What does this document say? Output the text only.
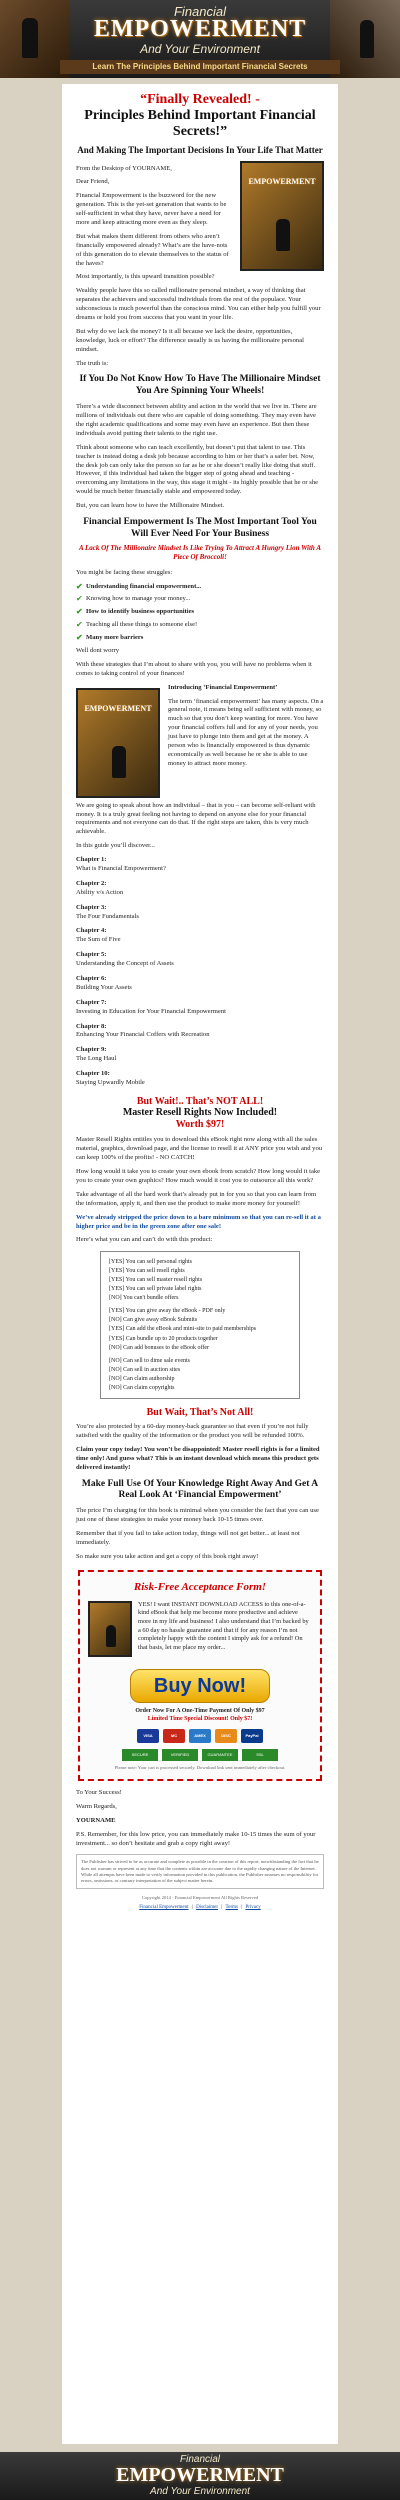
Financial
EMPOWERMENT
And Your Environment
Learn The Principles Behind Important Financial Secrets
“Finally Revealed! -
Principles Behind Important Financial Secrets!”
And Making The Important Decisions In Your Life That Matter
EMPOWERMENT

From the Desktop of YOURNAME,

Dear Friend,

Financial Empowerment is the buzzword for the new generation. This is the yet-set generation that wants to be self-sufficient in what they have, never have a need for more and keep attracting more even as they sleep.

But what makes them different from others who aren’t financially empowered already? What’s are the have-nots of this generation do to elevate themselves to the status of the haves?

Most importantly, is this upward transition possible?

Wealthy people have this so called millionaire personal mindset, a way of thinking that separates the achievers and successful individuals from the rest of the populace. Your subconscious is much powerful than the conscious mind. You can either help you fulfill your dreams or hold you from success that you want in your life.

But why do we lack the money? Is it all because we lack the desire, opportunities, knowledge, luck or effort? The difference usually is us having the millionaire personal mindset.

The truth is:

If You Do Not Know How To Have The Millionaire Mindset You Are Spinning Your Wheels!

There’s a wide disconnect between ability and action in the world that we live in. There are millions of individuals out there who are capable of doing something. They may even have the right academic qualifications and some may even have an experience. But then these individuals avoid putting their talents to the right use.

Think about someone who can teach excellently, but doesn’t put that talent to use. This teacher is instead doing a desk job because according to him or her that’s a safer bet. Now, the desk job can only take the person so far as he or she doesn’t really like doing that stuff. However, if this individual had taken the bigger step of going ahead and teaching - overcoming any limitations in the way, this stage it might - its highly possible that he or she would be much better financially stable and empowered today.

But, you can learn how to have the Millionaire Mindset.

Financial Empowerment Is The Most Important Tool You Will Ever Need For Your Business
A Lack Of The Millionaire Mindset Is Like Trying To Attract A Hungry Lion With A Piece Of Broccoli!

You might be facing these struggles:

✔ Understanding financial empowerment...
✔ Knowing how to manage your money...
✔ How to identify business opportunities
✔ Teaching all these things to someone else!
✔ Many more barriers

Well dont worry

With these strategies that I’m about to share with you, you will have no problems when it comes to taking control of your finances!

EMPOWERMENT

Introducing ‘Financial Empowerment’

The term ‘financial empowerment’ has many aspects. On a general note, it means being self sufficient with money, so much so that you don’t keep wanting for more. You have your financial coffers full and for any of your needs, you just have to plunge into them and get at the money. A person who is financially empowered is thus dynamic economically as well because he or she is able to use money to attract more money.

We are going to speak about how an individual – that is you – can become self-reliant with money. It is a truly great feeling not having to depend on anyone else for your financial requirements and not everyone can do that. If the right steps are taken, this is very much achievable.

In this guide you’ll discover...

Chapter 1:
What is Financial Empowerment?
Chapter 2:
Ability v/s Action
Chapter 3:
The Four Fundamentals
Chapter 4:
The Sum of Five
Chapter 5:
Understanding the Concept of Assets
Chapter 6:
Building Your Assets
Chapter 7:
Investing in Education for Your Financial Empowerment
Chapter 8:
Enhancing Your Financial Coffers with Recreation
Chapter 9:
The Long Haul
Chapter 10:
Staying Upwardly Mobile
But Wait!.. That’s NOT ALL!
Master Resell Rights Now Included!
Worth $97!

Master Resell Rights entitles you to download this eBook right now along with all the sales material, graphics, download page, and the license to resell it at ANY price you wish and you can keep 100% of the profits! - NO CATCH!

How long would it take you to create your own ebook from scratch? How long would it take you to create your own graphics? How much would it cost you to outsource all this work?

Take advantage of all the hard work that’s already put in for you so that you can learn from the information, apply it, and then use the product to make more money for yourself!

We’ve already stripped the price down to a bare minimum so that you can re-sell it at a higher price and be in the green zone after one sale!

Here’s what you can and can’t do with this product:

[YES] You can sell personal rights
[YES] You can sell resell rights
[YES] You can sell master resell rights
[YES] You can sell private label rights
[NO] You can't bundle offers
[YES] You can give away the eBook - PDF only
[NO] Can give away eBook Submits
[YES] Can add the eBook and mini-site to paid memberships
[YES] Can bundle up to 20 products together
[NO] Can add bonuses to the eBook offer
[NO] Can sell to dime sale events
[NO] Can sell in auction sites
[NO] Can claim authorship
[NO] Can claim copyrights
But Wait, That’s Not All!

You’re also protected by a 60-day money-back guarantee so that even if you’re not fully satisfied with the quality of the information or the product you will be refunded 100%.

Claim your copy today! You won’t be disappointed! Master resell rights is for a limited time only! And guess what? This is an instant download which means this product gets delivered instantly!

Make Full Use Of Your Knowledge Right Away And Get A Real Look At ‘Financial Empowerment’

The price I’m charging for this book is minimal when you consider the fact that you can use just one of these strategies to make your money back 10-15 times over.

Remember that if you fail to take action today, things will not get better... at least not immediately.

So make sure you take action and get a copy of this book right away!

Risk-Free Acceptance Form!
YES! I want INSTANT DOWNLOAD ACCESS to this one-of-a-kind eBook that help me become more productive and achieve more in my life and business! I also understand that I’m backed by a 60 day no hassle guarantee and that if for any reason I’m not completely happy with the content I simply ask for a refund! On that basis, let me place my order...
Buy Now!
Order Now For A One-Time Payment Of Only $97
Limited Time Special Discount! Only $7!
VISA	MC	AMEX	DISC	PayPal
SECURE	VERIFIED	GUARANTEE	SSL
Please note: Your cart is processed securely. Download link sent immediately after checkout.

To Your Success!

Warm Regards,

YOURNAME

P.S. Remember, for this low price, you can immediately make 10-15 times the sum of your investment... so don’t hesitate and grab a copy right away!

The Publisher has strived to be as accurate and complete as possible in the creation of this report, notwithstanding the fact that he does not warrant or represent at any time that the contents within are accurate due to the rapidly changing nature of the Internet. While all attempts have been made to verify information provided in this publication, the Publisher assumes no responsibility for errors, omissions, or contrary interpretation of the subject matter herein.
Copyright 2014 - Financial Empowerment All Rights Reserved
Financial Empowerment | Disclaimer | Terms | Privacy
Financial
EMPOWERMENT
And Your Environment
